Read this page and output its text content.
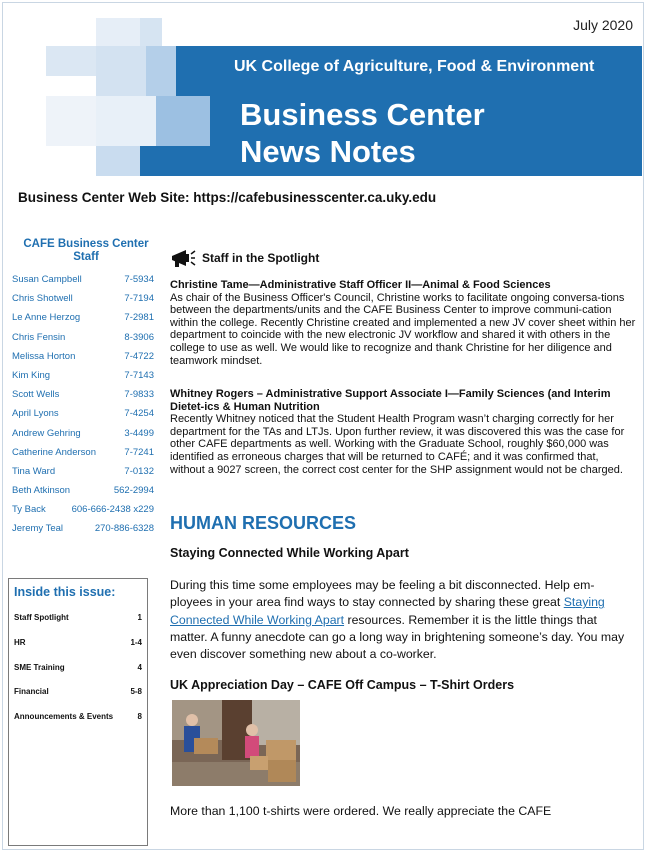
July 2020
UK College of Agriculture, Food & Environment
Business Center
News Notes
Business Center Web Site: https://cafebusinesscenter.ca.uky.edu
CAFE Business Center
Staff
Susan Campbell	7-5934
Chris Shotwell	7-7194
Le Anne Herzog	7-2981
Chris Fensin	8-3906
Melissa Horton	7-4722
Kim King	7-7143
Scott Wells	7-9833
April Lyons	7-4254
Andrew Gehring	3-4499
Catherine Anderson	7-7241
Tina Ward	7-0132
Beth Atkinson	562-2994
Ty Back	606-666-2438 x229
Jeremy Teal	270-886-6328
Inside this issue:
Staff Spotlight	1
HR	1-4
SME Training	4
Financial	5-8
Announcements & Events	8
Staff in the Spotlight
Christine Tame—Administrative Staff Officer II—Animal & Food Sciences
As chair of the Business Officer's Council, Christine works to facilitate ongoing conversa-tions between the departments/units and the CAFE Business Center to improve communi-cation within the college. Recently Christine created and implemented a new JV cover sheet within her department to coincide with the new electronic JV workflow and shared it with others in the college to use as well. We would like to recognize and thank Christine for her diligence and teamwork mindset.
Whitney Rogers – Administrative Support Associate I—Family Sciences (and Interim Dietet-ics & Human Nutrition
Recently Whitney noticed that the Student Health Program wasn’t charging correctly for her department for the TAs and LTJs. Upon further review, it was discovered this was the case for other CAFE departments as well. Working with the Graduate School, roughly $60,000 was identified as erroneous charges that will be returned to CAFÉ; and it was confirmed that, without a 9027 screen, the correct cost center for the SHP assignment would not be charged.
HUMAN RESOURCES
Staying Connected While Working Apart
During this time some employees may be feeling a bit disconnected. Help em-ployees in your area find ways to stay connected by sharing these great Staying Connected While Working Apart resources. Remember it is the little things that matter. A funny anecdote can go a long way in brightening someone’s day. You may even discover something new about a co-worker.
UK Appreciation Day – CAFE Off Campus – T-Shirt Orders
More than 1,100 t-shirts were ordered. We really appreciate the CAFE
